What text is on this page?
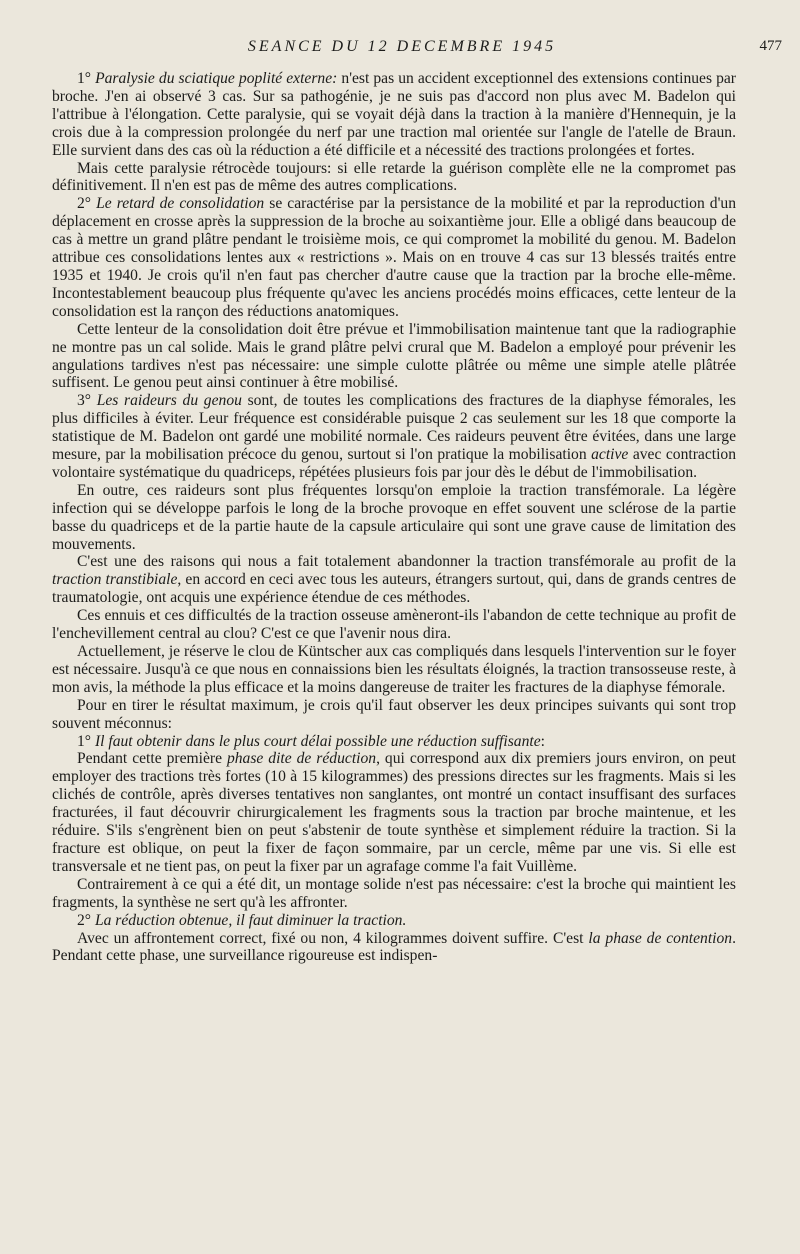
SEANCE DU 12 DECEMBRE 1945	477

1° Paralysie du sciatique poplité externe: n'est pas un accident exceptionnel des extensions continues par broche. J'en ai observé 3 cas. Sur sa pathogénie, je ne suis pas d'accord non plus avec M. Badelon qui l'attribue à l'élongation. Cette paralysie, qui se voyait déjà dans la traction à la manière d'Hennequin, je la crois due à la compression prolongée du nerf par une traction mal orientée sur l'angle de l'atelle de Braun. Elle survient dans des cas où la réduction a été difficile et a nécessité des tractions prolongées et fortes.

Mais cette paralysie rétrocède toujours: si elle retarde la guérison complète elle ne la compromet pas définitivement. Il n'en est pas de même des autres complications.

2° Le retard de consolidation se caractérise par la persistance de la mobilité et par la reproduction d'un déplacement en crosse après la suppression de la broche au soixantième jour. Elle a obligé dans beaucoup de cas à mettre un grand plâtre pendant le troisième mois, ce qui compromet la mobilité du genou. M. Badelon attribue ces consolidations lentes aux « restrictions ». Mais on en trouve 4 cas sur 13 blessés traités entre 1935 et 1940. Je crois qu'il n'en faut pas chercher d'autre cause que la traction par la broche elle-même. Incontestablement beaucoup plus fréquente qu'avec les anciens procédés moins efficaces, cette lenteur de la consolidation est la rançon des réductions anatomiques.

Cette lenteur de la consolidation doit être prévue et l'immobilisation maintenue tant que la radiographie ne montre pas un cal solide. Mais le grand plâtre pelvi crural que M. Badelon a employé pour prévenir les angulations tardives n'est pas nécessaire: une simple culotte plâtrée ou même une simple atelle plâtrée suffisent. Le genou peut ainsi continuer à être mobilisé.

3° Les raideurs du genou sont, de toutes les complications des fractures de la diaphyse fémorales, les plus difficiles à éviter. Leur fréquence est considérable puisque 2 cas seulement sur les 18 que comporte la statistique de M. Badelon ont gardé une mobilité normale. Ces raideurs peuvent être évitées, dans une large mesure, par la mobilisation précoce du genou, surtout si l'on pratique la mobilisation active avec contraction volontaire systématique du quadriceps, répétées plusieurs fois par jour dès le début de l'immobilisation.

En outre, ces raideurs sont plus fréquentes lorsqu'on emploie la traction transfémorale. La légère infection qui se développe parfois le long de la broche provoque en effet souvent une sclérose de la partie basse du quadriceps et de la partie haute de la capsule articulaire qui sont une grave cause de limitation des mouvements.

C'est une des raisons qui nous a fait totalement abandonner la traction transfémorale au profit de la traction transtibiale, en accord en ceci avec tous les auteurs, étrangers surtout, qui, dans de grands centres de traumatologie, ont acquis une expérience étendue de ces méthodes.

Ces ennuis et ces difficultés de la traction osseuse amèneront-ils l'abandon de cette technique au profit de l'enchevillement central au clou? C'est ce que l'avenir nous dira.

Actuellement, je réserve le clou de Küntscher aux cas compliqués dans lesquels l'intervention sur le foyer est nécessaire. Jusqu'à ce que nous en connaissions bien les résultats éloignés, la traction transosseuse reste, à mon avis, la méthode la plus efficace et la moins dangereuse de traiter les fractures de la diaphyse fémorale.

Pour en tirer le résultat maximum, je crois qu'il faut observer les deux principes suivants qui sont trop souvent méconnus:

1° Il faut obtenir dans le plus court délai possible une réduction suffisante:

Pendant cette première phase dite de réduction, qui correspond aux dix premiers jours environ, on peut employer des tractions très fortes (10 à 15 kilogrammes) des pressions directes sur les fragments. Mais si les clichés de contrôle, après diverses tentatives non sanglantes, ont montré un contact insuffisant des surfaces fracturées, il faut découvrir chirurgicalement les fragments sous la traction par broche maintenue, et les réduire. S'ils s'engrènent bien on peut s'abstenir de toute synthèse et simplement réduire la traction. Si la fracture est oblique, on peut la fixer de façon sommaire, par un cercle, même par une vis. Si elle est transversale et ne tient pas, on peut la fixer par un agrafage comme l'a fait Vuillème.

Contrairement à ce qui a été dit, un montage solide n'est pas nécessaire: c'est la broche qui maintient les fragments, la synthèse ne sert qu'à les affronter.

2° La réduction obtenue, il faut diminuer la traction.

Avec un affrontement correct, fixé ou non, 4 kilogrammes doivent suffire. C'est la phase de contention. Pendant cette phase, une surveillance rigoureuse est indispen-
